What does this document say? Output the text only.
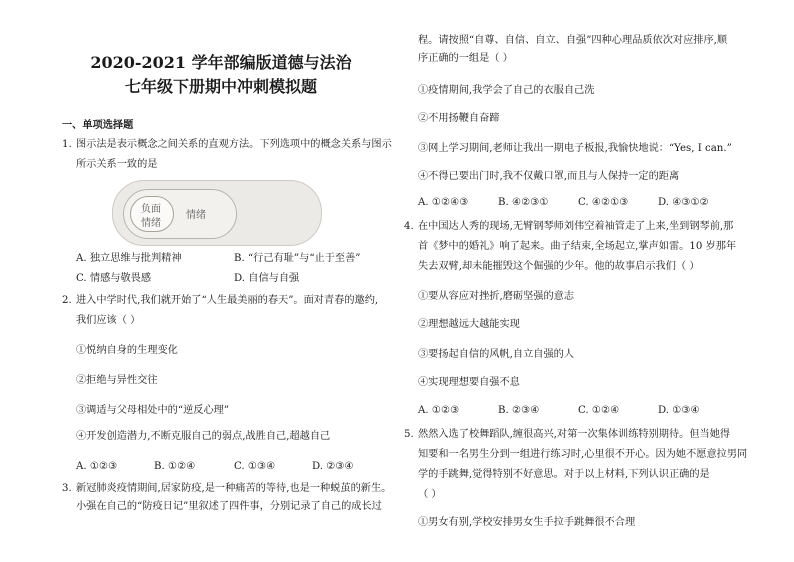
2020-2021 学年部编版道德与法治
七年级下册期中冲刺模拟题
一、单项选择题
1. 图示法是表示概念之间关系的直观方法。下列选项中的概念关系与图示
所示关系一致的是
负面
情绪
情绪
A. 独立思维与批判精神	B. “行己有耻”与“止于至善”
C. 情感与敬畏感	D. 自信与自强
2. 进入中学时代,我们就开始了“人生最美丽的春天”。面对青春的邀约,
我们应该（ ）
①悦纳自身的生理变化
②拒绝与异性交往
③调适与父母相处中的“逆反心理”
④开发创造潜力,不断克服自己的弱点,战胜自己,超越自己
A. ①②③	B. ①②④	C. ①③④	D. ②③④
3. 新冠肺炎疫情期间,居家防疫,是一种痛苦的等待,也是一种蜕茧的新生。
小强在自己的“防疫日记”里叙述了四件事，分别记录了自己的成长过
程。请按照“自尊、自信、自立、自强”四种心理品质依次对应排序,顺
序正确的一组是（ ）
①疫情期间,我学会了自己的衣服自己洗
②不用扬鞭自奋蹄
③网上学习期间,老师让我出一期电子板报,我愉快地说：“Yes, I can.”
④不得已要出门时,我不仅戴口罩,而且与人保持一定的距离
A. ①②④③	B. ④②③①	C. ④②①③	D. ④③①②
4. 在中国达人秀的现场,无臂钢琴师刘伟空着袖管走了上来,坐到钢琴前,那
首《梦中的婚礼》响了起来。曲子结束,全场起立,掌声如雷。10 岁那年
失去双臂,却未能摧毁这个倔强的少年。他的故事启示我们（ ）
①要从容应对挫折,磨砺坚强的意志
②理想越远大越能实现
③要扬起自信的风帆,自立自强的人
④实现理想要自强不息
A. ①②③	B. ②③④	C. ①②④	D. ①③④
5. 然然入选了校舞蹈队,缠很高兴,对第一次集体训练特别期待。但当她得
知要和一名男生分到一组进行练习时,心里很不开心。因为她不愿意拉男同
学的手跳舞,觉得特别不好意思。对于以上材料,下列认识正确的是
（ ）
①男女有别,学校安排男女生手拉手跳舞很不合理
